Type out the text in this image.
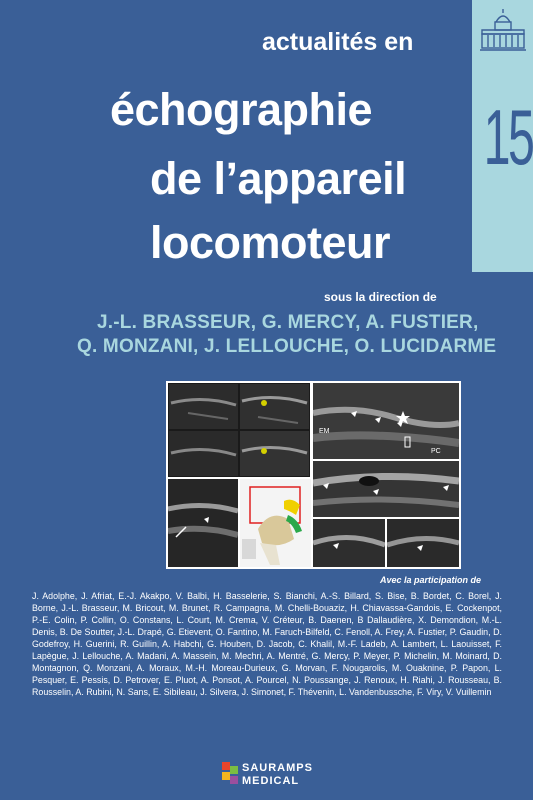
15
actualités en
échographie
de l’appareil
locomoteur
sous la direction de
J.-L. BRASSEUR, G. MERCY, A. FUSTIER,
Q. MONZANI, J. LELLOUCHE, O. LUCIDARME
EM
PC
Avec la participation de
J. Adolphe, J. Afriat, E.-J. Akakpo, V. Balbi, H. Basselerie, S. Bianchi, A.-S. Billard, S. Bise, B. Bordet, C. Borel, J. Borne, J.-L. Brasseur, M. Bricout, M. Brunet, R. Campagna, M. Chelli-Bouaziz, H. Chiavassa-Gandois, E. Cockenpot, P.-E. Colin, P. Collin, O. Constans, L. Court, M. Crema, V. Créteur, B. Daenen, B Dallaudière, X. Demondion, M.-L. Denis, B. De Soutter, J.-L. Drapé, G. Etievent, O. Fantino, M. Faruch-Bilfeld, C. Fenoll, A. Frey, A. Fustier, P. Gaudin, D. Godefroy, H. Guerini, R. Guillin, A. Habchi, G. Houben, D. Jacob, C. Khalil, M.-F. Ladeb, A. Lambert, L. Laouisset, F. Lapègue, J. Lellouche, A. Madani, A. Massein, M. Mechri, A. Mentré, G. Mercy, P. Meyer, P. Michelin, M. Moinard, D. Montagnon, Q. Monzani, A. Moraux, M.-H. Moreau-Durieux, G. Morvan, F. Nougarolis, M. Ouaknine, P. Papon, L. Pesquer, E. Pessis, D. Petrover, E. Pluot, A. Ponsot, A. Pourcel, N. Poussange, J. Renoux, H. Riahi, J. Rousseau, B. Rousselin, A. Rubini, N. Sans, E. Sibileau, J. Silvera, J. Simonet, F. Thévenin, L. Vandenbussche, F. Viry, V. Vuillemin
SAURAMPS
MEDICAL
